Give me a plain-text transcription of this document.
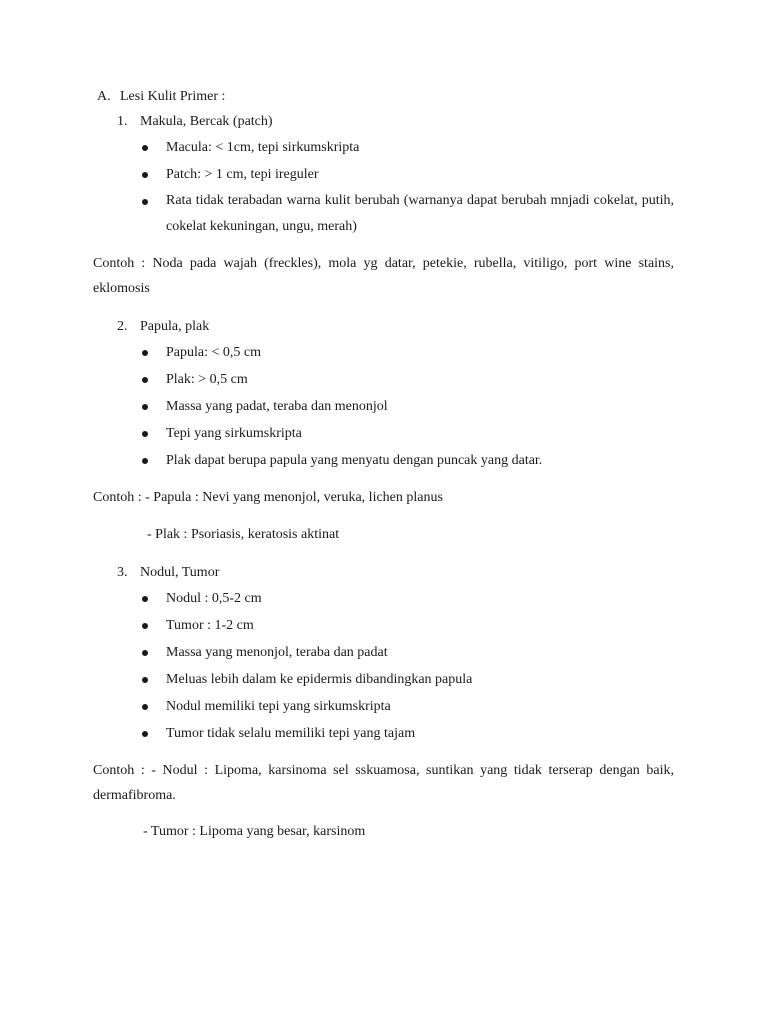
A. Lesi Kulit Primer :
1. Makula, Bercak (patch)
Macula: < 1cm, tepi sirkumskripta
Patch: > 1 cm, tepi ireguler
Rata tidak terabadan warna kulit berubah (warnanya dapat berubah mnjadi cokelat, putih, cokelat kekuningan, ungu, merah)
Contoh : Noda pada wajah (freckles), mola yg datar, petekie, rubella, vitiligo, port wine stains, eklomosis
2. Papula, plak
Papula: < 0,5 cm
Plak: > 0,5 cm
Massa yang padat, teraba dan menonjol
Tepi yang sirkumskripta
Plak dapat berupa papula yang menyatu dengan puncak yang datar.
Contoh : - Papula : Nevi yang menonjol, veruka, lichen planus
- Plak : Psoriasis, keratosis aktinat
3. Nodul, Tumor
Nodul : 0,5-2 cm
Tumor : 1-2 cm
Massa yang menonjol, teraba dan padat
Meluas lebih dalam ke epidermis dibandingkan papula
Nodul memiliki tepi yang sirkumskripta
Tumor tidak selalu memiliki tepi yang tajam
Contoh : - Nodul : Lipoma, karsinoma sel sskuamosa, suntikan yang tidak terserap dengan baik, dermafibroma.
- Tumor : Lipoma yang besar, karsinom
